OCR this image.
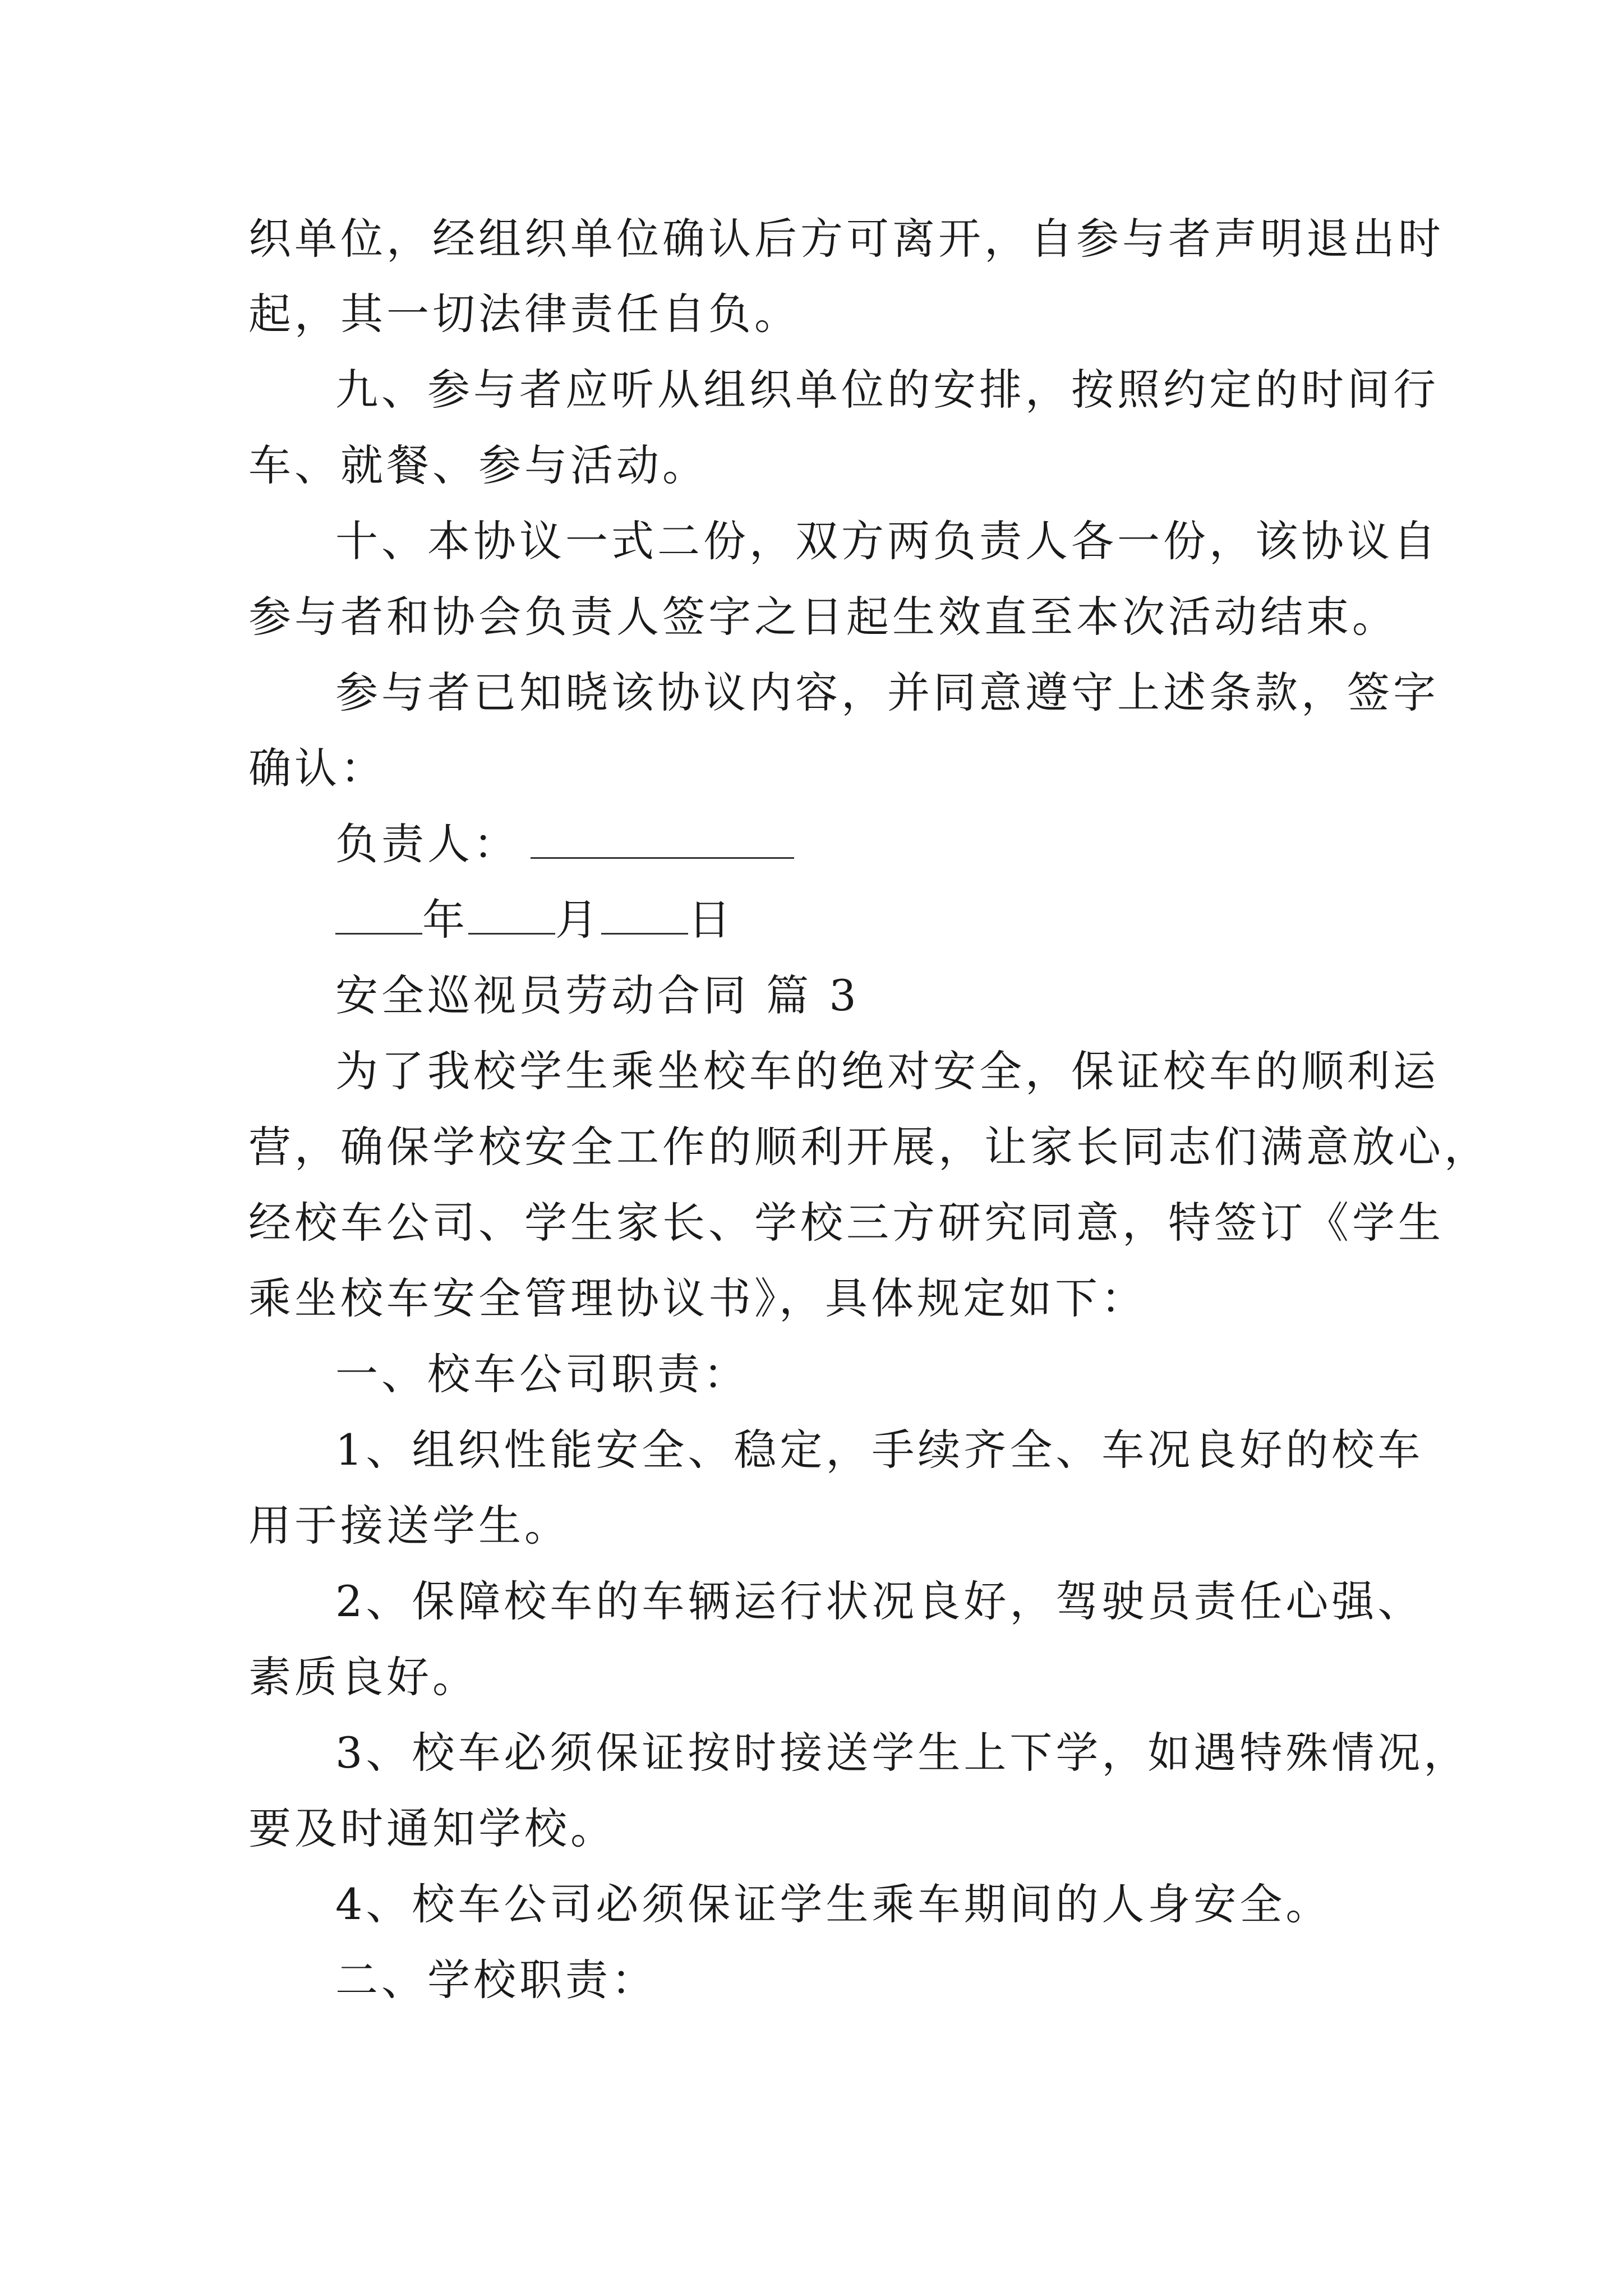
织单位，经组织单位确认后方可离开，自参与者声明退出时
起，其一切法律责任自负。
九、参与者应听从组织单位的安排，按照约定的时间行
车、就餐、参与活动。
十、本协议一式二份，双方两负责人各一份，该协议自
参与者和协会负责人签字之日起生效直至本次活动结束。
参与者已知晓该协议内容，并同意遵守上述条款，签字
确认：
负责人：
年 月 日
安全巡视员劳动合同 篇 3
为了我校学生乘坐校车的绝对安全，保证校车的顺利运
营，确保学校安全工作的顺利开展，让家长同志们满意放心，
经校车公司、学生家长、学校三方研究同意，特签订《学生
乘坐校车安全管理协议书》，具体规定如下：
一、校车公司职责：
1、组织性能安全、稳定，手续齐全、车况良好的校车
用于接送学生。
2、保障校车的车辆运行状况良好，驾驶员责任心强、
素质良好。
3、校车必须保证按时接送学生上下学，如遇特殊情况，
要及时通知学校。
4、校车公司必须保证学生乘车期间的人身安全。
二、学校职责：
